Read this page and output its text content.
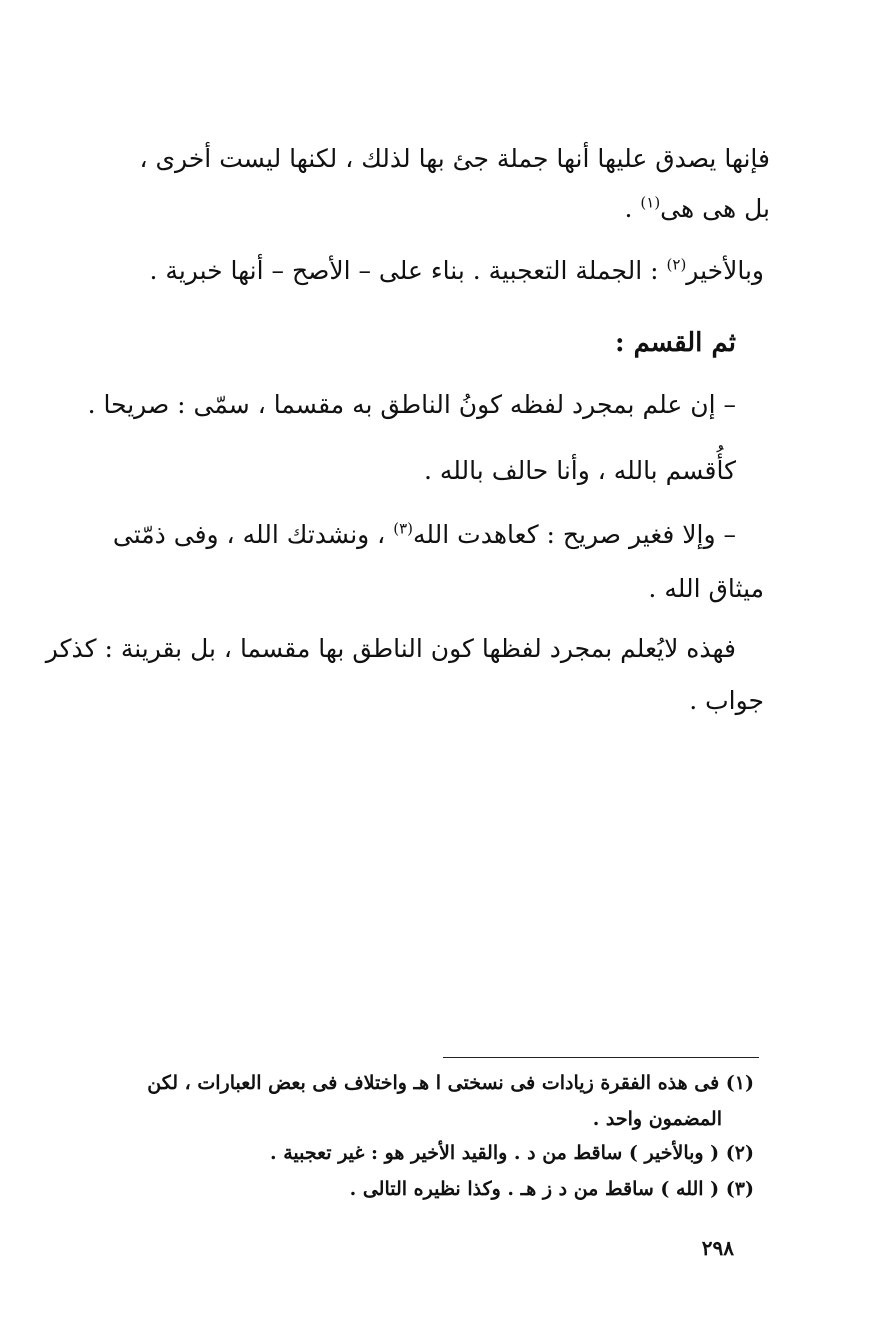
فإنها يصدق عليها أنها جملة جئ بها لذلك ، لكنها ليست أخرى ،
بل هى هى$^{(١)}$ .
وبالأخير$^{(٢)}$ : الجملة التعجبية . بناء على – الأصح – أنها خبرية .
ثم القسم :
– إن علم بمجرد لفظه كونُ الناطق به مقسما ، سمّى : صريحا .
كأُقسم بالله ، وأنا حالف بالله .
– وإلا فغير صريح : كعاهدت الله$^{(٣)}$ ، ونشدتك الله ، وفى ذمّتى
ميثاق الله .
فهذه لايُعلم بمجرد لفظها كون الناطق بها مقسما ، بل بقرينة : كذكر
جواب .
(١) فى هذه الفقرة زيادات فى نسختى ا هـ واختلاف فى بعض العبارات ، لكن
المضمون واحد .
(٢) ( وبالأخير ) ساقط من د . والقيد الأخير هو : غير تعجبية .
(٣) ( الله ) ساقط من د ز هـ . وكذا نظيره التالى .
٢٩٨
